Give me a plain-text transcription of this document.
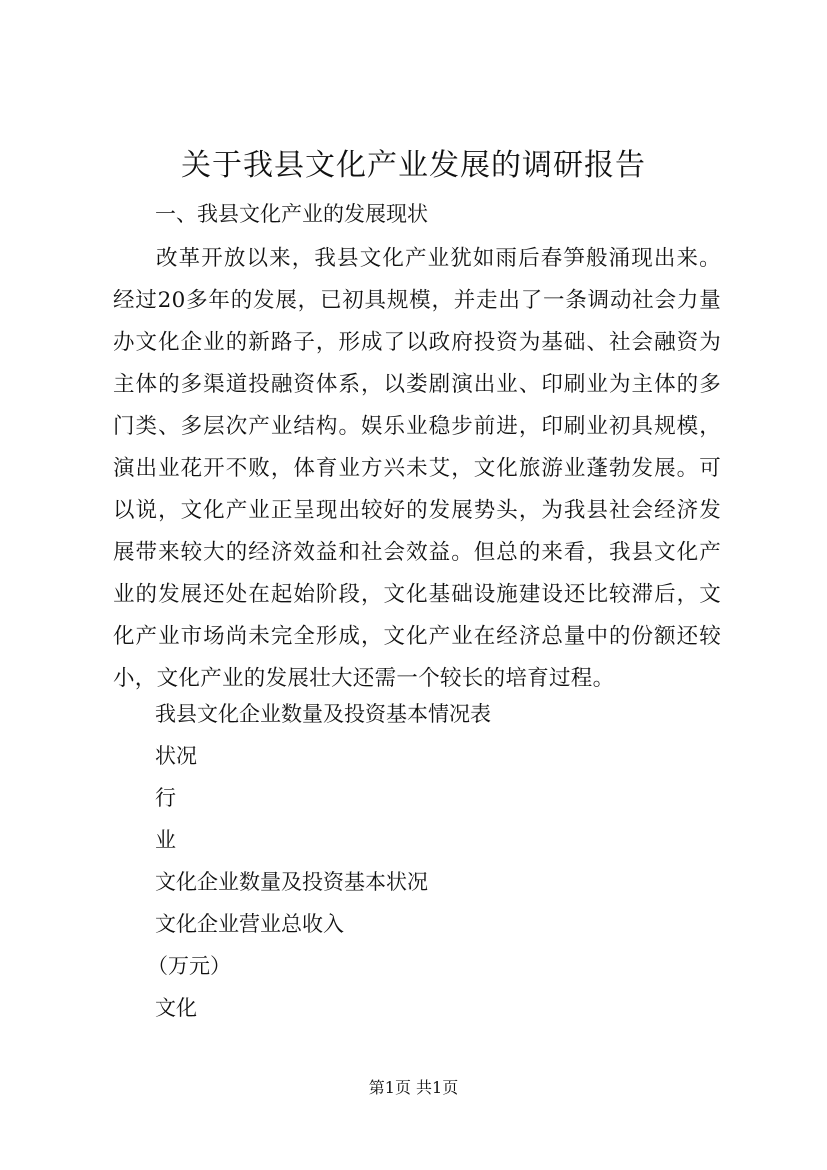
关于我县文化产业发展的调研报告

一、我县文化产业的发展现状

改革开放以来，我县文化产业犹如雨后春笋般涌现出来。经过20多年的发展，已初具规模，并走出了一条调动社会力量办文化企业的新路子，形成了以政府投资为基础、社会融资为主体的多渠道投融资体系，以娄剧演出业、印刷业为主体的多门类、多层次产业结构。娱乐业稳步前进，印刷业初具规模，演出业花开不败，体育业方兴未艾，文化旅游业蓬勃发展。可以说，文化产业正呈现出较好的发展势头，为我县社会经济发展带来较大的经济效益和社会效益。但总的来看，我县文化产业的发展还处在起始阶段，文化基础设施建设还比较滞后，文化产业市场尚未完全形成，文化产业在经济总量中的份额还较小，文化产业的发展壮大还需一个较长的培育过程。

我县文化企业数量及投资基本情况表

状况

行

业

文化企业数量及投资基本状况

文化企业营业总收入

（万元）

文化

第1页 共1页
